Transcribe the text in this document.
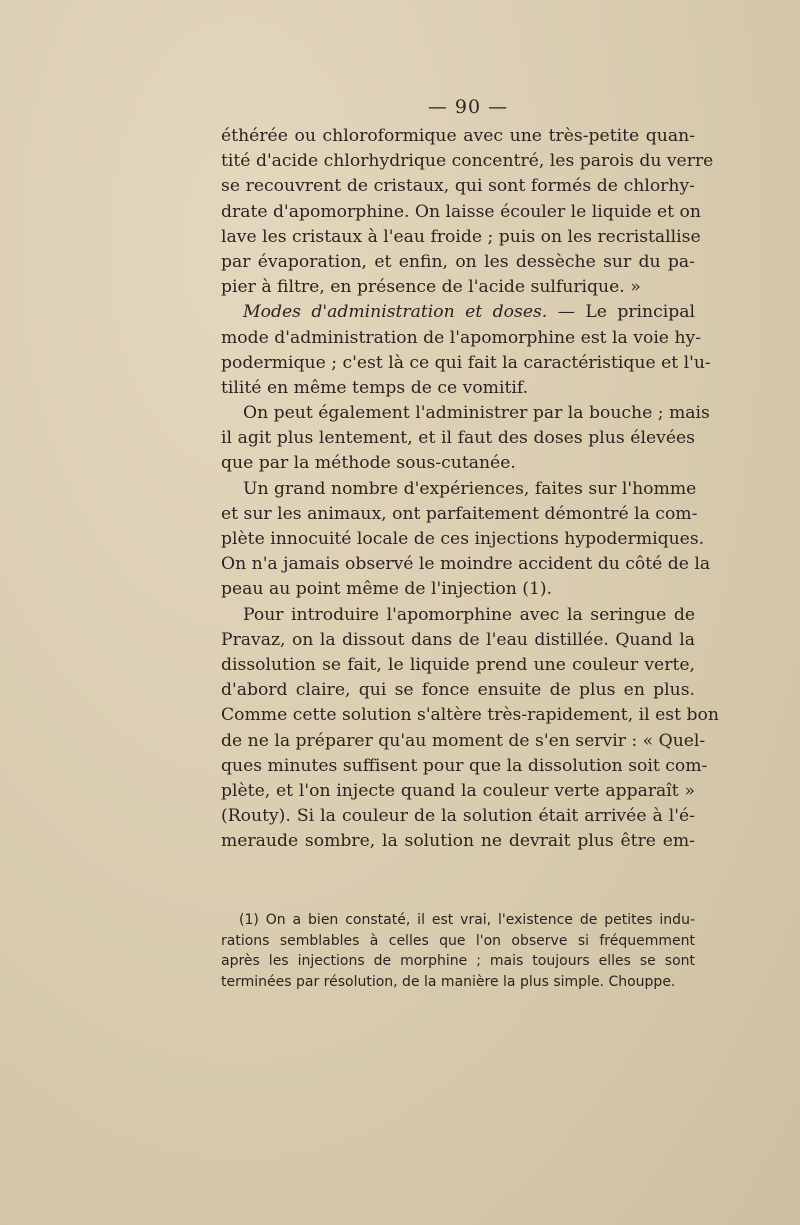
— 90 —
éthérée ou chloroformique avec une très-petite quan-
tité d'acide chlorhydrique concentré, les parois du verre
se recouvrent de cristaux, qui sont formés de chlorhy-
drate d'apomorphine. On laisse écouler le liquide et on
lave les cristaux à l'eau froide ; puis on les recristallise
par évaporation, et enfin, on les dessèche sur du pa-
pier à filtre, en présence de l'acide sulfurique. »
Modes d'administration et doses. — Le principal
mode d'administration de l'apomorphine est la voie hy-
podermique ; c'est là ce qui fait la caractéristique et l'u-
tilité en même temps de ce vomitif.
On peut également l'administrer par la bouche ; mais
il agit plus lentement, et il faut des doses plus élevées
que par la méthode sous-cutanée.
Un grand nombre d'expériences, faites sur l'homme
et sur les animaux, ont parfaitement démontré la com-
plète innocuité locale de ces injections hypodermiques.
On n'a jamais observé le moindre accident du côté de la
peau au point même de l'injection (1).
Pour introduire l'apomorphine avec la seringue de
Pravaz, on la dissout dans de l'eau distillée. Quand la
dissolution se fait, le liquide prend une couleur verte,
d'abord claire, qui se fonce ensuite de plus en plus.
Comme cette solution s'altère très-rapidement, il est bon
de ne la préparer qu'au moment de s'en servir : « Quel-
ques minutes suffisent pour que la dissolution soit com-
plète, et l'on injecte quand la couleur verte apparaît »
(Routy). Si la couleur de la solution était arrivée à l'é-
meraude sombre, la solution ne devrait plus être em-
(1) On a bien constaté, il est vrai, l'existence de petites indu-
rations semblables à celles que l'on observe si fréquemment
après les injections de morphine ; mais toujours elles se sont
terminées par résolution, de la manière la plus simple. Chouppe.
